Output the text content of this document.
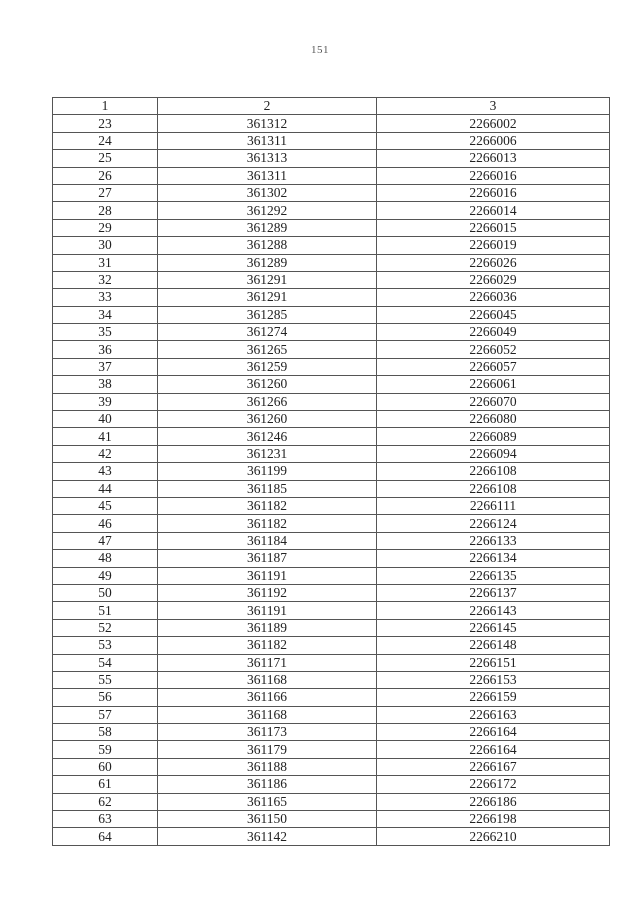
151
1	2	3
23	361312	2266002
24	361311	2266006
25	361313	2266013
26	361311	2266016
27	361302	2266016
28	361292	2266014
29	361289	2266015
30	361288	2266019
31	361289	2266026
32	361291	2266029
33	361291	2266036
34	361285	2266045
35	361274	2266049
36	361265	2266052
37	361259	2266057
38	361260	2266061
39	361266	2266070
40	361260	2266080
41	361246	2266089
42	361231	2266094
43	361199	2266108
44	361185	2266108
45	361182	2266111
46	361182	2266124
47	361184	2266133
48	361187	2266134
49	361191	2266135
50	361192	2266137
51	361191	2266143
52	361189	2266145
53	361182	2266148
54	361171	2266151
55	361168	2266153
56	361166	2266159
57	361168	2266163
58	361173	2266164
59	361179	2266164
60	361188	2266167
61	361186	2266172
62	361165	2266186
63	361150	2266198
64	361142	2266210
